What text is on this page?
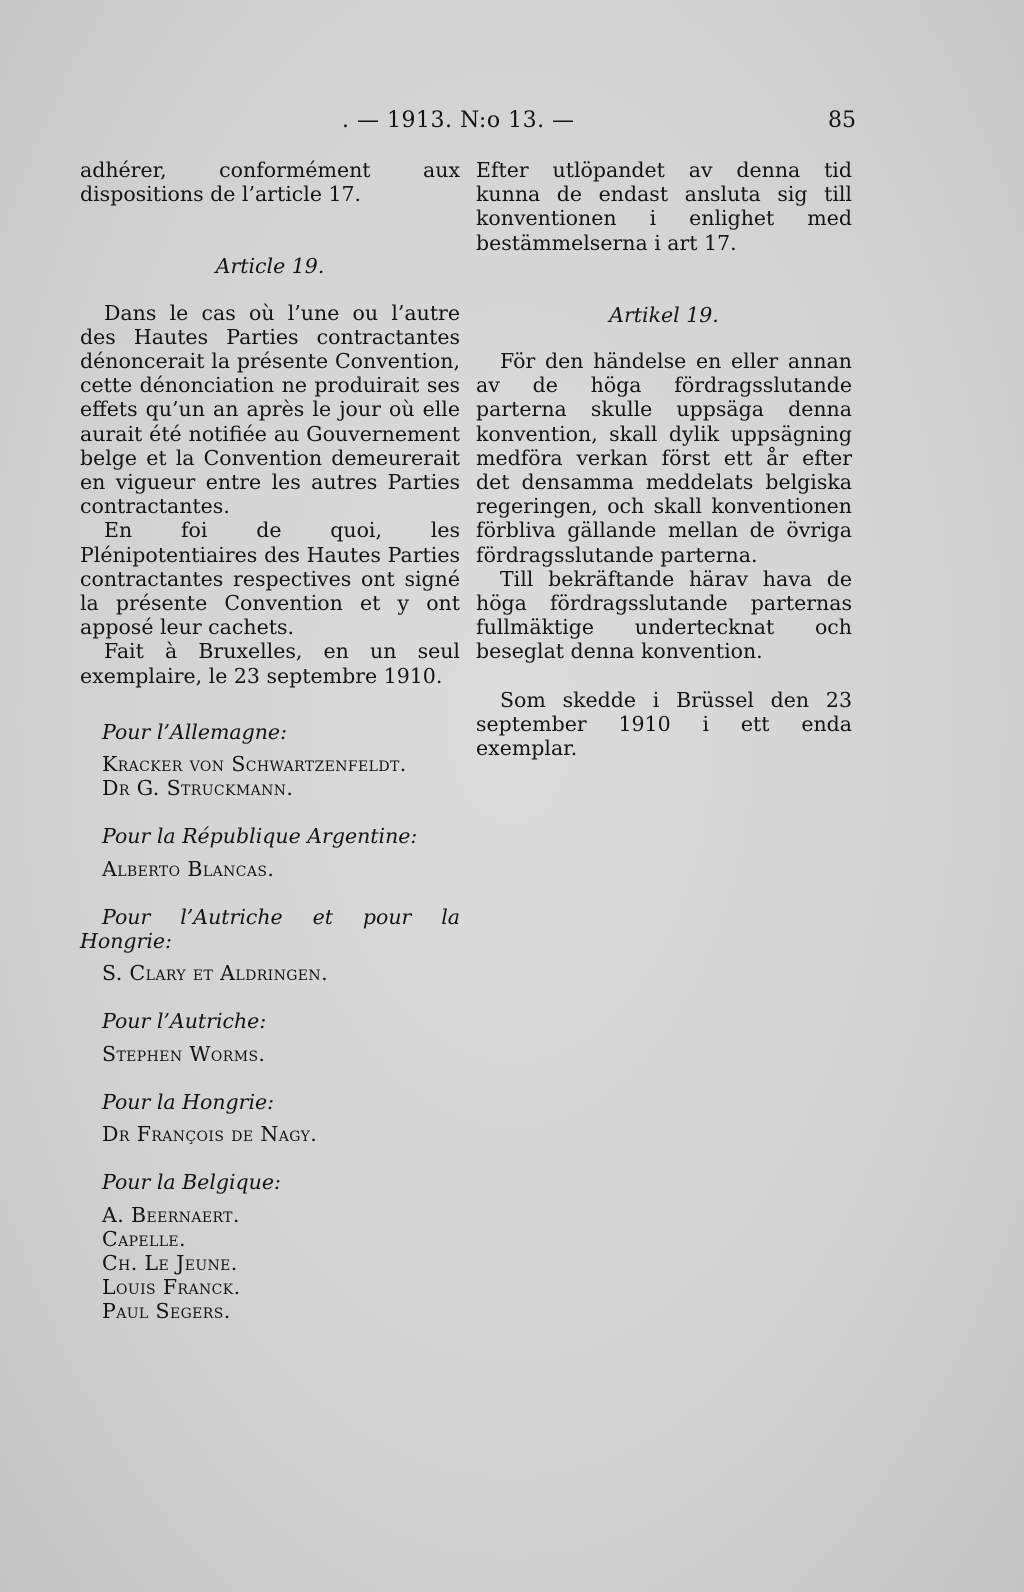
. — 1913. N:o 13. —	85

adhérer, conformément aux dispositions de l’article 17.

Article 19.

Dans le cas où l’une ou l’autre des Hautes Parties contractantes dénoncerait la présente Convention, cette dénonciation ne produirait ses effets qu’un an après le jour où elle aurait été notifiée au Gouvernement belge et la Convention demeurerait en vigueur entre les autres Parties contractantes.

En foi de quoi, les Plénipotentiaires des Hautes Parties contractantes respectives ont signé la présente Convention et y ont apposé leur cachets.

Fait à Bruxelles, en un seul exemplaire, le 23 septembre 1910.

Pour l’Allemagne:

Kracker von Schwartzenfeldt.
Dr G. Struckmann.

Pour la République Argentine:

Alberto Blancas.

Pour l’Autriche et pour la Hongrie:

S. Clary et Aldringen.

Pour l’Autriche:

Stephen Worms.

Pour la Hongrie:

Dr François de Nagy.

Pour la Belgique:

A. Beernaert.
Capelle.
Ch. Le Jeune.
Louis Franck.
Paul Segers.

Efter utlöpandet av denna tid kunna de endast ansluta sig till konventionen i enlighet med bestämmelserna i art 17.

Artikel 19.

För den händelse en eller annan av de höga fördragsslutande parterna skulle uppsäga denna konvention, skall dylik uppsägning medföra verkan först ett år efter det densamma meddelats belgiska regeringen, och skall konventionen förbliva gällande mellan de övriga fördragsslutande parterna.

Till bekräftande härav hava de höga fördragsslutande parternas fullmäktige undertecknat och beseglat denna konvention.

Som skedde i Brüssel den 23 september 1910 i ett enda exemplar.
